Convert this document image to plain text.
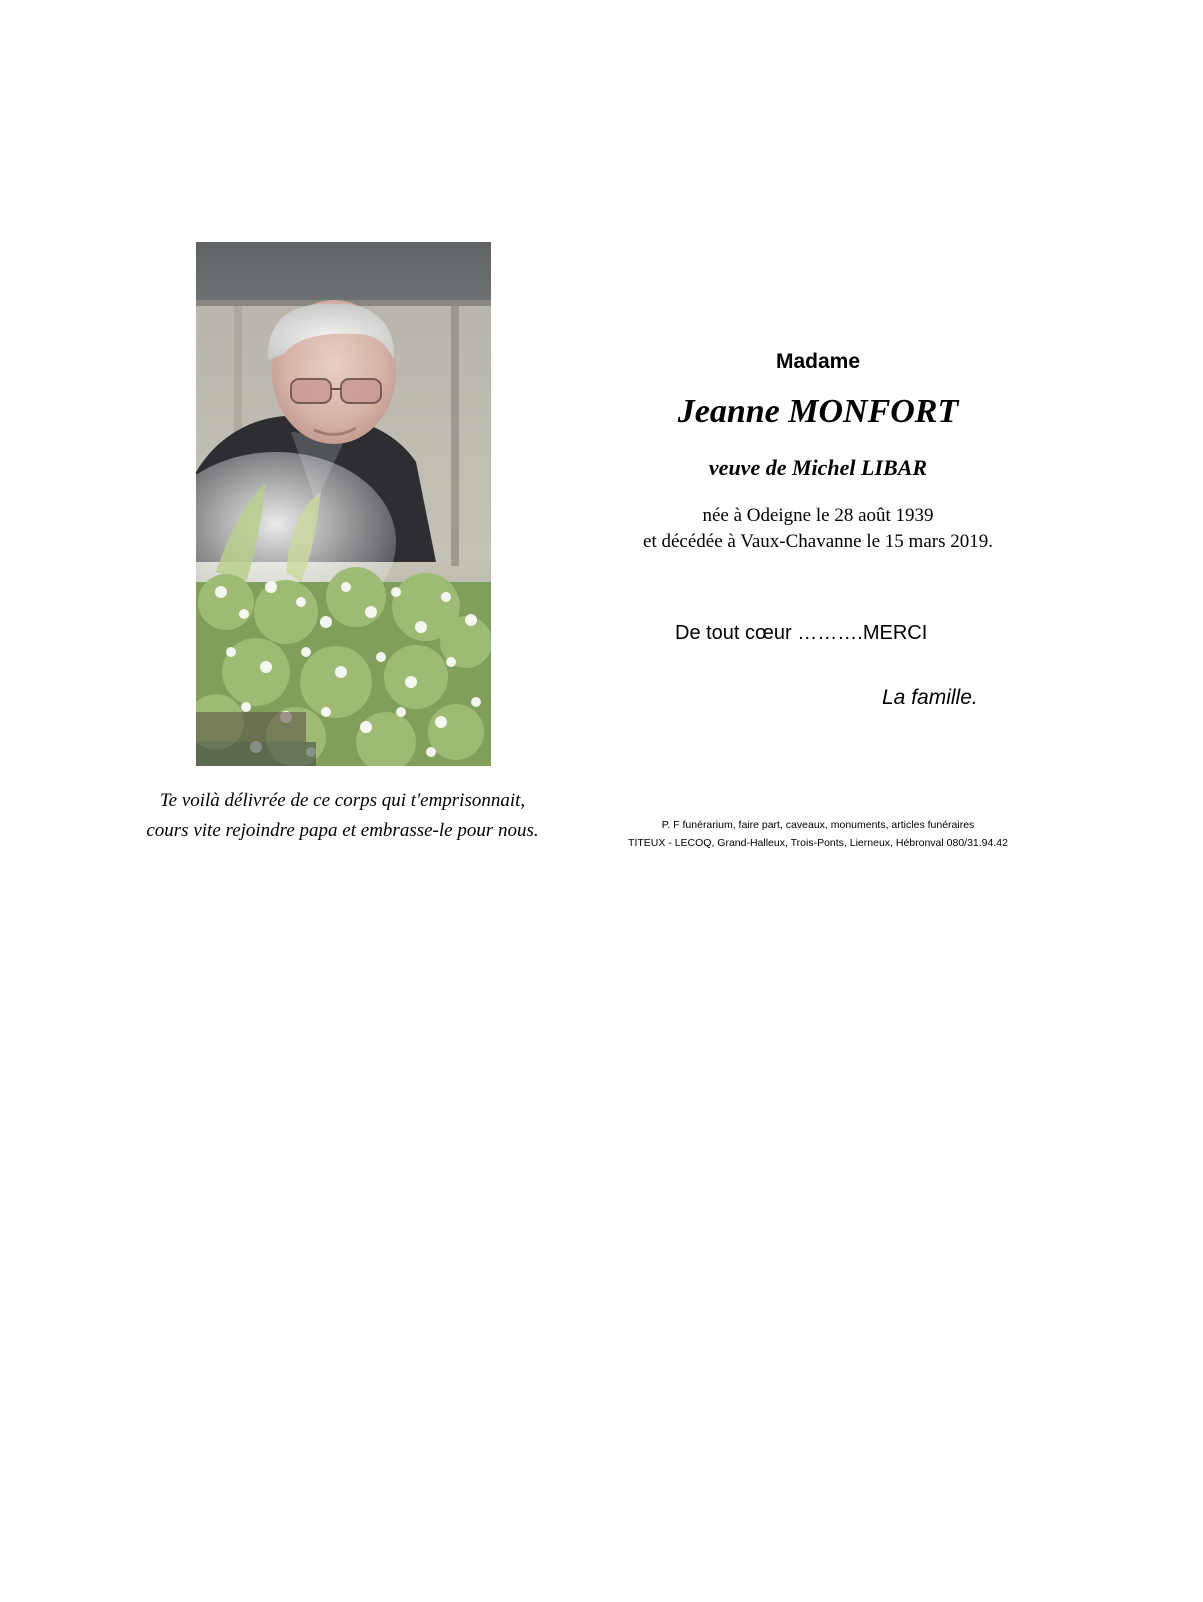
Te voilà délivrée de ce corps qui t'emprisonnait,
cours vite rejoindre papa et embrasse-le pour nous.
Madame
Jeanne MONFORT
veuve de Michel LIBAR
née à Odeigne le 28 août 1939
et décédée à Vaux-Chavanne le 15 mars 2019.
De tout cœur ……….MERCI
La famille.
P. F funérarium, faire part, caveaux, monuments, articles funéraires
TITEUX - LECOQ, Grand-Halleux, Trois-Ponts, Lierneux, Hébronval 080/31.94.42
